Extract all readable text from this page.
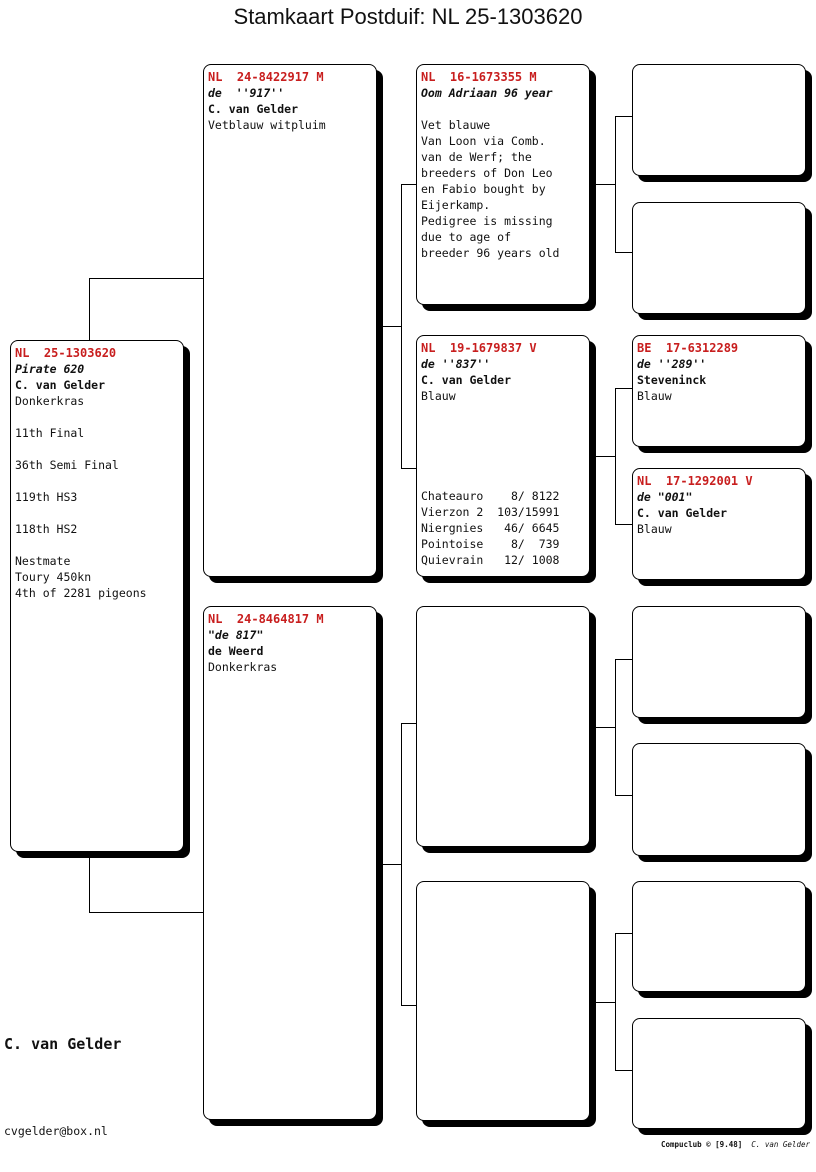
Stamkaart Postduif: NL 25-1303620
NL  25-1303620
Pirate 620
C. van Gelder
Donkerkras
11th Final
36th Semi Final
119th HS3
118th HS2
Nestmate
Toury 450kn
4th of 2281 pigeons
NL  24-8422917 M
de  ''917''
C. van Gelder
Vetblauw witpluim
NL  24-8464817 M
"de 817"
de Weerd
Donkerkras
NL  16-1673355 M
Oom Adriaan 96 year
Vet blauwe
Van Loon via Comb.
van de Werf; the
breeders of Don Leo
en Fabio bought by
Eijerkamp.
Pedigree is missing
due to age of
breeder 96 years old
NL  19-1679837 V
de ''837''
C. van Gelder
Blauw
Chateauro    8/ 8122
Vierzon 2  103/15991
Niergnies   46/ 6645
Pointoise    8/  739
Quievrain   12/ 1008
BE  17-6312289
de ''289''
Steveninck
Blauw
NL  17-1292001 V
de "001"
C. van Gelder
Blauw
C. van Gelder
cvgelder@box.nl
Compuclub © [9.48] C. van Gelder
